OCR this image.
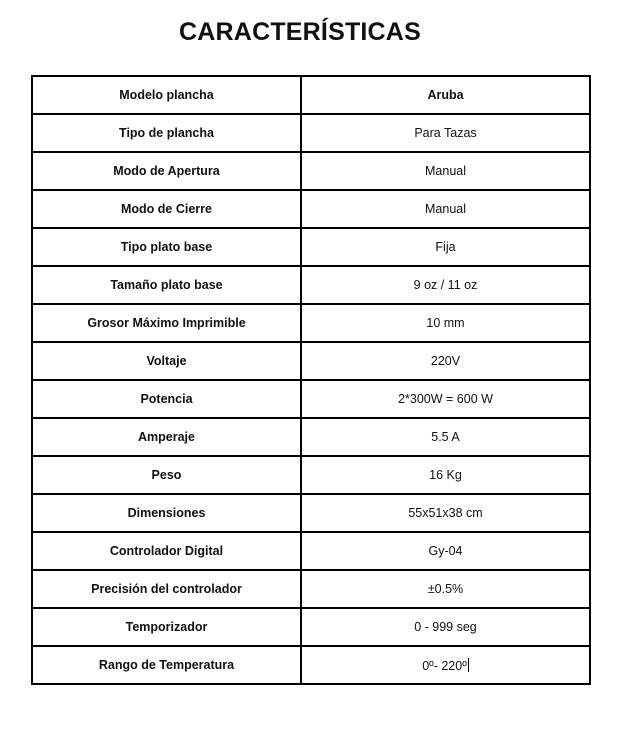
CARACTERÍSTICAS
Modelo plancha	Aruba
Tipo de plancha	Para Tazas
Modo de Apertura	Manual
Modo de Cierre	Manual
Tipo plato base	Fija
Tamaño plato base	9 oz / 11 oz
Grosor Máximo Imprimible	10 mm
Voltaje	220V
Potencia	2*300W = 600 W
Amperaje	5.5 A
Peso	16 Kg
Dimensiones	55x51x38 cm
Controlador Digital	Gy-04
Precisión del controlador	±0.5%
Temporizador	0 - 999 seg
Rango de Temperatura	0º- 220º
